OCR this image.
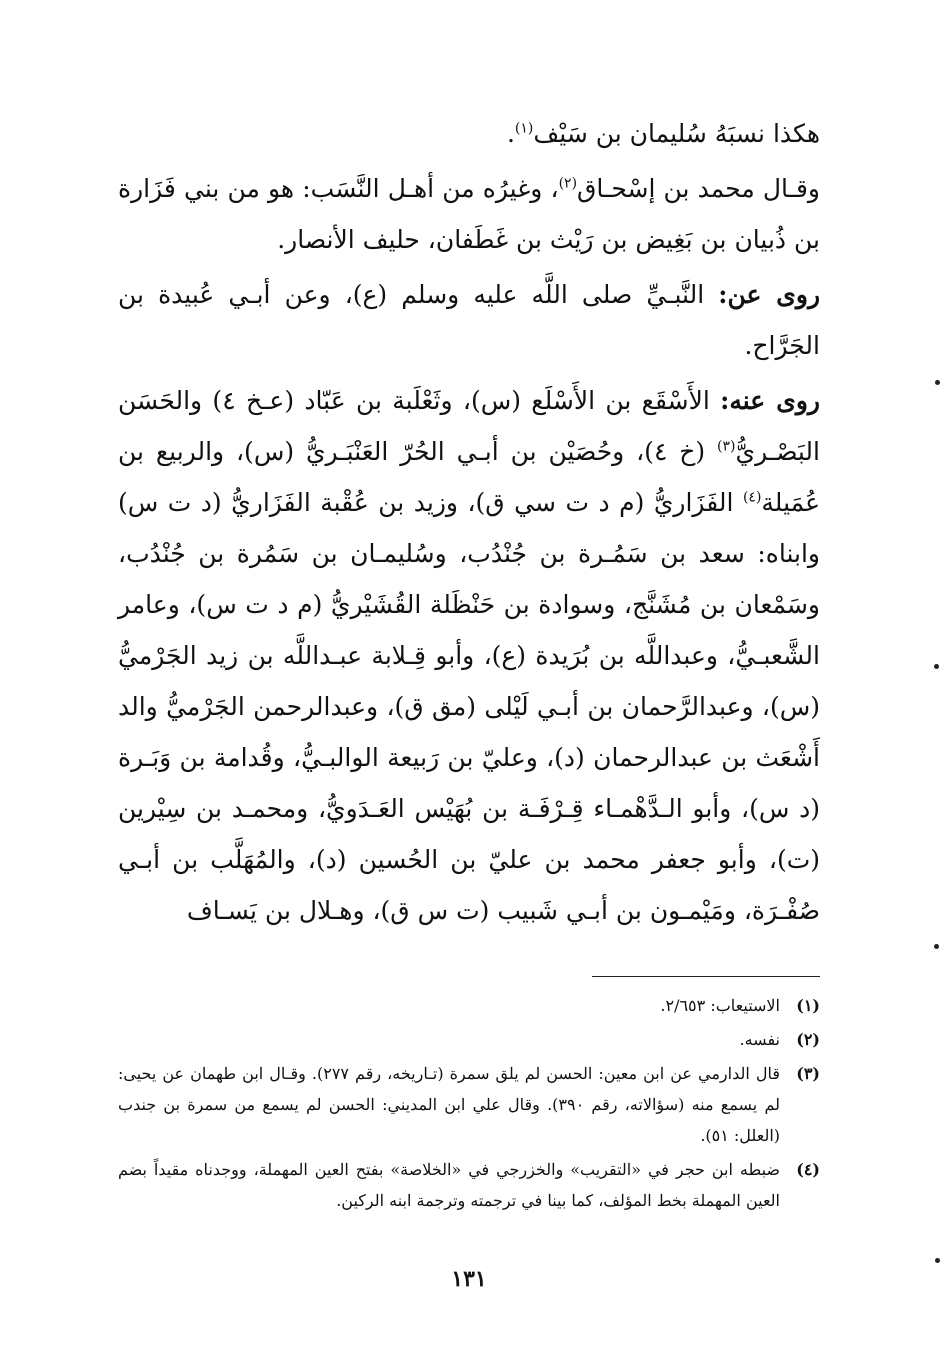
هكذا نسبَهُ سُليمان بن سَيْف$^{(١)}$.

وقـال محمد بن إسْحـاق$^{(٢)}$، وغيرُه من أهـل النَّسَب: هو من بني فَزَارة بن ذُبيان بن بَغِيض بن رَيْث بن غَطَفان، حليف الأنصار.

روى عن: النَّبـيِّ صلى اللَّه عليه وسلم (ع)، وعن أبـي عُبيدة بن الجَرَّاح.

روى عنه: الأَسْقَع بن الأَسْلَع (س)، وثَعْلَبة بن عَبّاد (عـخ ٤) والحَسَن البَصْـريُّ$^{(٣)}$ (خ ٤)، وحُصَيْن بن أبـي الحُرّ العَنْبَـريُّ (س)، والربيع بن عُمَيلة$^{(٤)}$ الفَزَاريُّ (م د ت سي ق)، وزيد بن عُقْبة الفَزَاريُّ (د ت س) وابناه: سعد بن سَمُـرة بن جُنْدُب، وسُليمـان بن سَمُرة بن جُنْدُب، وسَمْعان بن مُشَنَّج، وسوادة بن حَنْظَلة القُشَيْريُّ (م د ت س)، وعامر الشَّعبـيُّ، وعبداللَّه بن بُرَيدة (ع)، وأبو قِـلابة عبـداللَّه بن زيد الجَرْميُّ (س)، وعبدالرَّحمان بن أبـي لَيْلى (مق ق)، وعبدالرحمن الجَرْميُّ والد أَشْعَث بن عبدالرحمان (د)، وعليّ بن رَبيعة الوالبـيُّ، وقُدامة بن وَبَـرة (د س)، وأبو الـدَّهْمـاء قِـرْفَـة بن بُهَيْس العَـدَويُّ، ومحمـد بن سِيْرين (ت)، وأبو جعفر محمد بن عليّ بن الحُسين (د)، والمُهَلَّب بن أبـي صُفْـرَة، ومَيْمـون بن أبـي شَبيب (ت س ق)، وهـلال بن يَسـاف

(١)
الاستيعاب: ٢/٦٥٣.
(٢)
نفسه.
(٣)
قال الدارمي عن ابن معين: الحسن لم يلق سمرة (تـاريخه، رقم ٢٧٧). وقـال ابن طهمان عن يحيى: لم يسمع منه (سؤالاته، رقم ٣٩٠). وقال علي ابن المديني: الحسن لم يسمع من سمرة بن جندب (العلل: ٥١).
(٤)
ضبطه ابن حجر في «التقريب» والخزرجي في «الخلاصة» بفتح العين المهملة، ووجدناه مقيداً بضم العين المهملة بخط المؤلف، كما بينا في ترجمته وترجمة ابنه الركين.
١٣١
